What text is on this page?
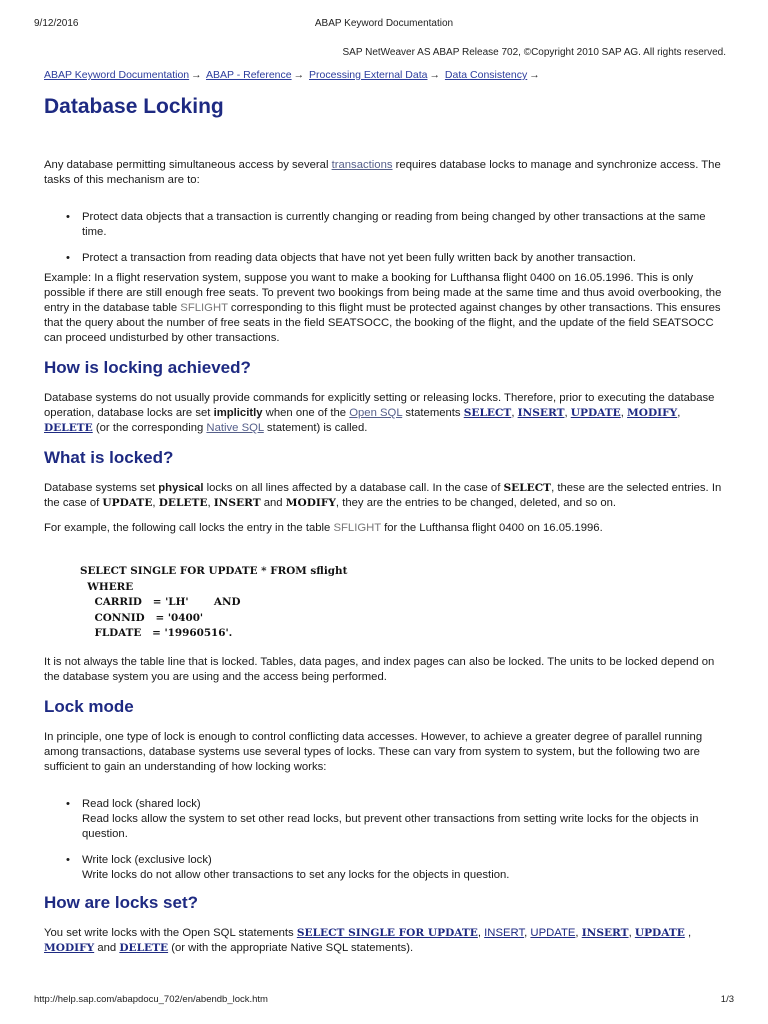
9/12/2016	ABAP Keyword Documentation
SAP NetWeaver AS ABAP Release 702, ©Copyright 2010 SAP AG. All rights reserved.
ABAP Keyword Documentation → ABAP - Reference → Processing External Data → Data Consistency →
Database Locking

Any database permitting simultaneous access by several transactions requires database locks to manage and synchronize access. The tasks of this mechanism are to:

• Protect data objects that a transaction is currently changing or reading from being changed by other transactions at the same time.
• Protect a transaction from reading data objects that have not yet been fully written back by another transaction.

Example: In a flight reservation system, suppose you want to make a booking for Lufthansa flight 0400 on 16.05.1996. This is only possible if there are still enough free seats. To prevent two bookings from being made at the same time and thus avoid overbooking, the entry in the database table SFLIGHT corresponding to this flight must be protected against changes by other transactions. This ensures that the query about the number of free seats in the field SEATSOCC, the booking of the flight, and the update of the field SEATSOCC can proceed undisturbed by other transactions.

How is locking achieved?

Database systems do not usually provide commands for explicitly setting or releasing locks. Therefore, prior to executing the database operation, database locks are set implicitly when one of the Open SQL statements SELECT, INSERT, UPDATE, MODIFY, DELETE (or the corresponding Native SQL statement) is called.

What is locked?

Database systems set physical locks on all lines affected by a database call. In the case of SELECT, these are the selected entries. In the case of UPDATE, DELETE, INSERT and MODIFY, they are the entries to be changed, deleted, and so on.

For example, the following call locks the entry in the table SFLIGHT for the Lufthansa flight 0400 on 16.05.1996.

SELECT SINGLE FOR UPDATE * FROM sflight
WHERE
CARRID   = 'LH'       AND
CONNID   = '0400'
FLDATE   = '19960516'.

It is not always the table line that is locked. Tables, data pages, and index pages can also be locked. The units to be locked depend on the database system you are using and the access being performed.

Lock mode

In principle, one type of lock is enough to control conflicting data accesses. However, to achieve a greater degree of parallel running among transactions, database systems use several types of locks. These can vary from system to system, but the following two are sufficient to gain an understanding of how locking works:

• Read lock (shared lock)
Read locks allow the system to set other read locks, but prevent other transactions from setting write locks for the objects in question.
• Write lock (exclusive lock)
Write locks do not allow other transactions to set any locks for the objects in question.
How are locks set?

You set write locks with the Open SQL statements SELECT SINGLE FOR UPDATE, INSERT, UPDATE, INSERT, UPDATE , MODIFY and DELETE (or with the appropriate Native SQL statements).

http://help.sap.com/abapdocu_702/en/abendb_lock.htm	1/3
